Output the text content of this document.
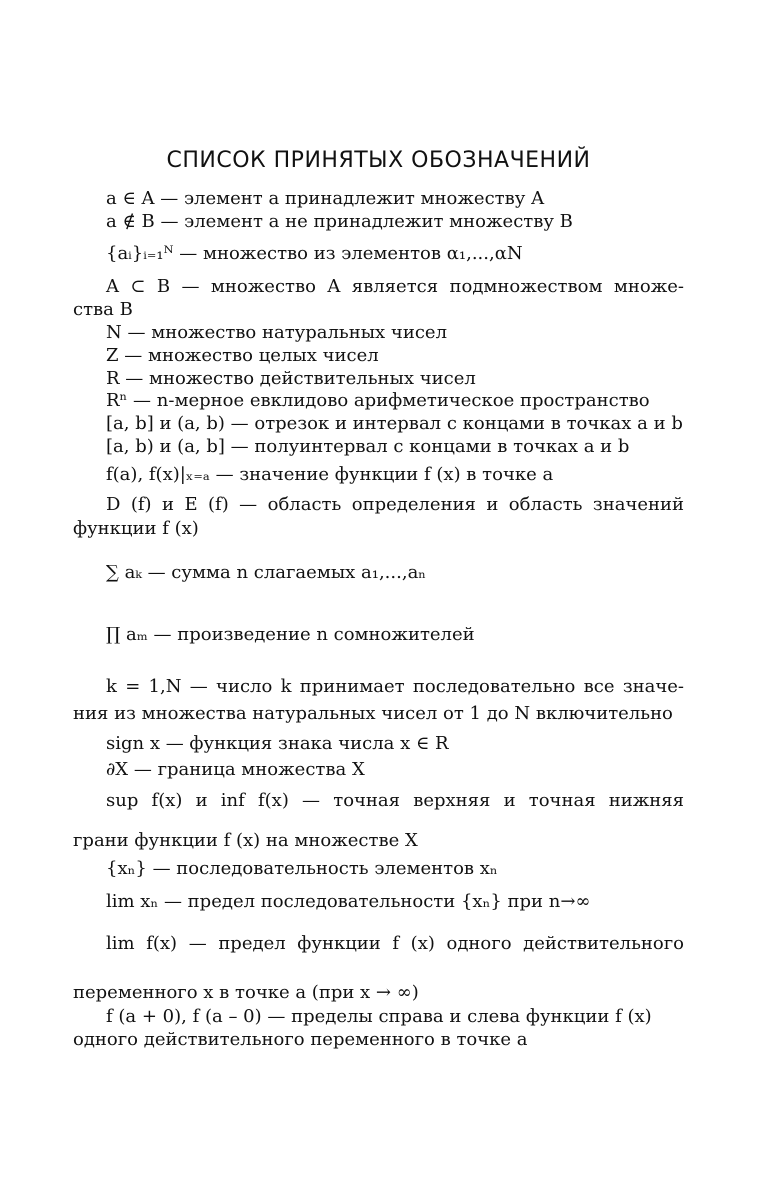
СПИСОК ПРИНЯТЫХ ОБОЗНАЧЕНИЙ
a ∈ A — элемент a принадлежит множеству A
a ∉ B — элемент a не принадлежит множеству B
{aᵢ}ᵢ₌₁ᴺ — множество из элементов α₁,...,αN
A ⊂ B — множество A является подмножеством множе-
ства B
N — множество натуральных чисел
Z — множество целых чисел
R — множество действительных чисел
Rⁿ — n-мерное евклидово арифметическое пространство
[a, b] и (a, b) — отрезок и интервал с концами в точках a и b
[a, b) и (a, b] — полуинтервал с концами в точках a и b
f(a), f(x)|ₓ₌ₐ — значение функции f (x) в точке a
D (f) и E (f) — область определения и область значений
функции f (x)
∑ aₖ — сумма n слагаемых a₁,...,aₙ
∏ aₘ — произведение n сомножителей
k = 1,N — число k принимает последовательно все значе-
ния из множества натуральных чисел от 1 до N включительно
sign x — функция знака числа x ∈ R
∂X — граница множества X
sup f(x) и inf f(x) — точная верхняя и точная нижняя
грани функции f (x) на множестве X
{xₙ} — последовательность элементов xₙ
lim xₙ — предел последовательности {xₙ} при n→∞
lim f(x) — предел функции f (x) одного действительного
переменного x в точке a (при x → ∞)
f (a + 0), f (a – 0) — пределы справа и слева функции f (x)
одного действительного переменного в точке a
